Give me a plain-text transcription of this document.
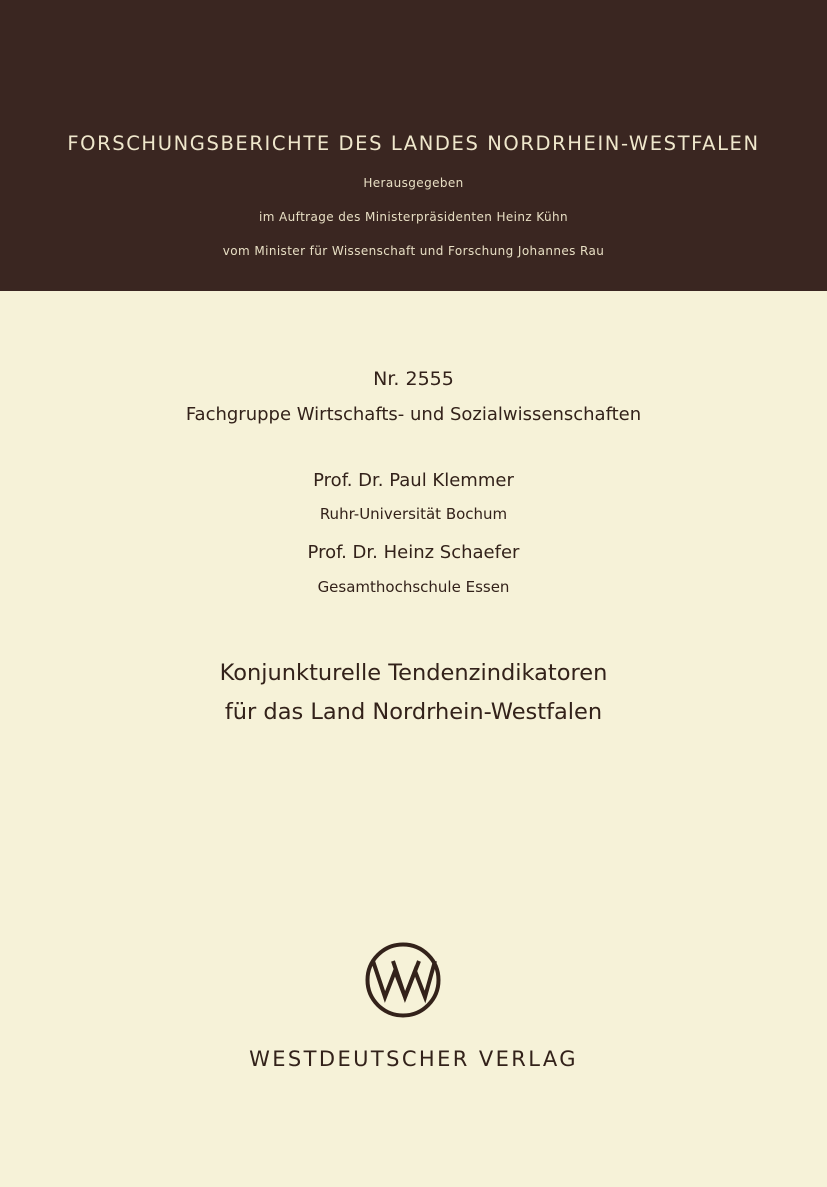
FORSCHUNGSBERICHTE DES LANDES NORDRHEIN-WESTFALEN
Herausgegeben
im Auftrage des Ministerpräsidenten Heinz Kühn
vom Minister für Wissenschaft und Forschung Johannes Rau
Nr. 2555
Fachgruppe Wirtschafts- und Sozialwissenschaften
Prof. Dr. Paul Klemmer
Ruhr-Universität Bochum
Prof. Dr. Heinz Schaefer
Gesamthochschule Essen
Konjunkturelle Tendenzindikatoren
für das Land Nordrhein-Westfalen
WESTDEUTSCHER VERLAG
